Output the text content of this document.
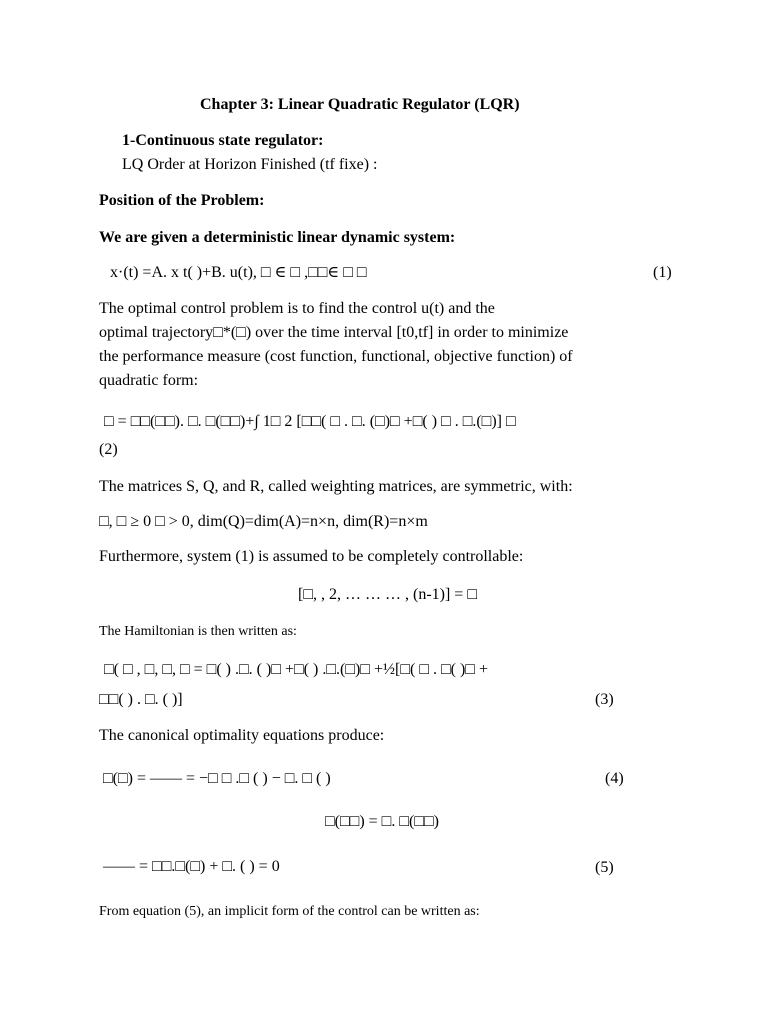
Chapter 3: Linear Quadratic Regulator (LQR)
1-Continuous state regulator:
LQ Order at Horizon Finished (tf fixe) :
Position of the Problem:
We are given a deterministic linear dynamic system:
x·(t) =A. x t( )+B. u(t), □ ∈ □ ,□□∈ □ □	(1)
The optimal control problem is to find the control u(t) and the
optimal trajectory□*(□) over the time interval [t0,tf] in order to minimize
the performance measure (cost function, functional, objective function) of
quadratic form:
□ = □□(□□). □. □(□□)+∫ 1□ 2 [□□( □ . □. (□)□ +□( ) □ . □.(□)] □
(2)
The matrices S, Q, and R, called weighting matrices, are symmetric, with:
□, □ ≥ 0 □ > 0, dim(Q)=dim(A)=n×n, dim(R)=n×m
Furthermore, system (1) is assumed to be completely controllable:
[□, , 2, … … … , (n-1)] = □
The Hamiltonian is then written as:
□( □ , □, □, □ = □( ) .□. ( )□ +□( ) .□.(□)□ +½[□( □ . □( )□ +
□□( ) . □. ( )]	(3)
The canonical optimality equations produce:
□(□) = —— = −□ □ .□ ( ) − □. □ ( )	(4)
□(□□) = □. □(□□)
—— = □□.□(□) + □. ( ) = 0	(5)
From equation (5), an implicit form of the control can be written as:
